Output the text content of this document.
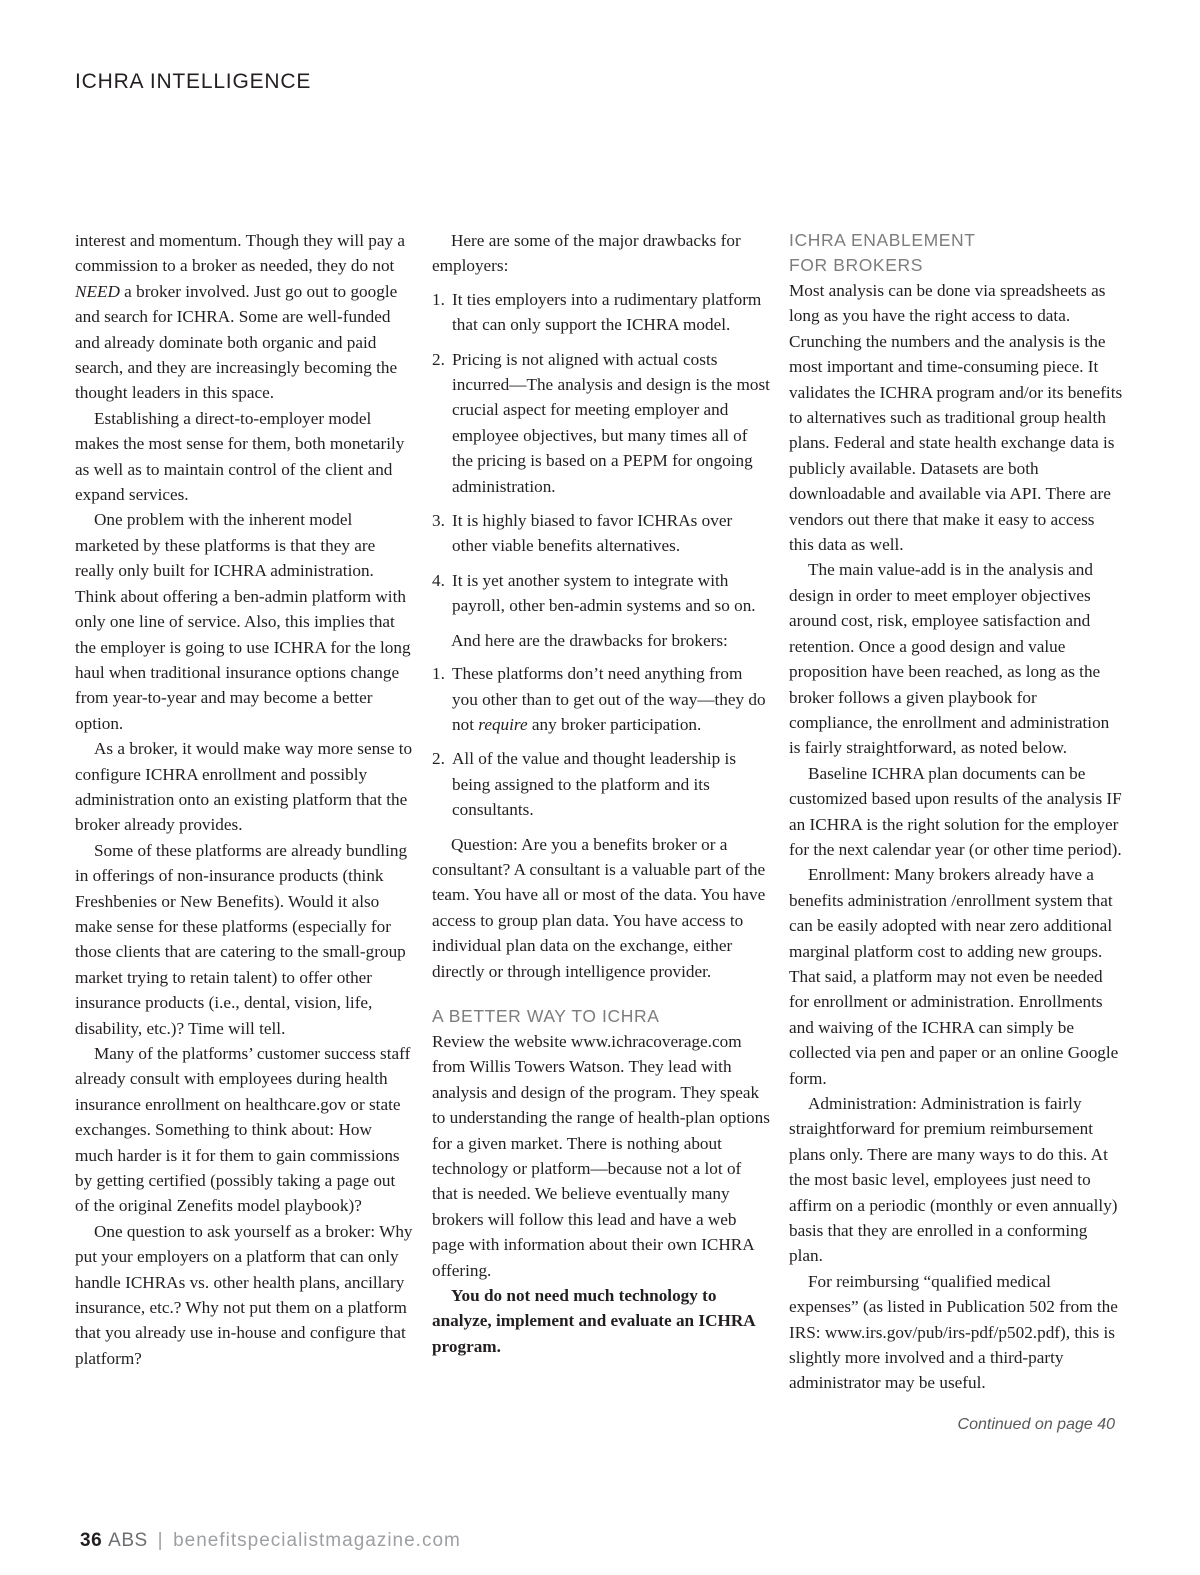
ICHRA INTELLIGENCE

interest and momentum. Though they will pay a commission to a broker as needed, they do not NEED a broker involved. Just go out to google and search for ICHRA. Some are well-funded and already dominate both organic and paid search, and they are increasingly becoming the thought leaders in this space.

Establishing a direct-to-employer model makes the most sense for them, both monetarily as well as to maintain control of the client and expand services.

One problem with the inherent model marketed by these platforms is that they are really only built for ICHRA administration. Think about offering a ben-admin platform with only one line of service. Also, this implies that the employer is going to use ICHRA for the long haul when traditional insurance options change from year-to-year and may become a better option.

As a broker, it would make way more sense to configure ICHRA enrollment and possibly administration onto an existing platform that the broker already provides.

Some of these platforms are already bundling in offerings of non-insurance products (think Freshbenies or New Benefits). Would it also make sense for these platforms (especially for those clients that are catering to the small-group market trying to retain talent) to offer other insurance products (i.e., dental, vision, life, disability, etc.)? Time will tell.

Many of the platforms’ customer success staff already consult with employees during health insurance enrollment on healthcare.gov or state exchanges. Something to think about: How much harder is it for them to gain commissions by getting certified (possibly taking a page out of the original Zenefits model playbook)?

One question to ask yourself as a broker: Why put your employers on a platform that can only handle ICHRAs vs. other health plans, ancillary insurance, etc.? Why not put them on a platform that you already use in-house and configure that platform?

Here are some of the major drawbacks for employers:

1. It ties employers into a rudimentary platform that can only support the ICHRA model.
2. Pricing is not aligned with actual costs incurred—The analysis and design is the most crucial aspect for meeting employer and employee objectives, but many times all of the pricing is based on a PEPM for ongoing administration.
3. It is highly biased to favor ICHRAs over other viable benefits alternatives.
4. It is yet another system to integrate with payroll, other ben-admin systems and so on.

And here are the drawbacks for brokers:

1. These platforms don’t need anything from you other than to get out of the way—they do not require any broker participation.
2. All of the value and thought leadership is being assigned to the platform and its consultants.

Question: Are you a benefits broker or a consultant? A consultant is a valuable part of the team. You have all or most of the data. You have access to group plan data. You have access to individual plan data on the exchange, either directly or through intelligence provider.

A BETTER WAY TO ICHRA

Review the website www.ichracoverage.com from Willis Towers Watson. They lead with analysis and design of the program. They speak to understanding the range of health-plan options for a given market. There is nothing about technology or platform—because not a lot of that is needed. We believe eventually many brokers will follow this lead and have a web page with information about their own ICHRA offering.

You do not need much technology to analyze, implement and evaluate an ICHRA program.

ICHRA ENABLEMENT FOR BROKERS

Most analysis can be done via spreadsheets as long as you have the right access to data. Crunching the numbers and the analysis is the most important and time-consuming piece. It validates the ICHRA program and/or its benefits to alternatives such as traditional group health plans. Federal and state health exchange data is publicly available. Datasets are both downloadable and available via API. There are vendors out there that make it easy to access this data as well.

The main value-add is in the analysis and design in order to meet employer objectives around cost, risk, employee satisfaction and retention. Once a good design and value proposition have been reached, as long as the broker follows a given playbook for compliance, the enrollment and administration is fairly straightforward, as noted below.

Baseline ICHRA plan documents can be customized based upon results of the analysis IF an ICHRA is the right solution for the employer for the next calendar year (or other time period).

Enrollment: Many brokers already have a benefits administration /enrollment system that can be easily adopted with near zero additional marginal platform cost to adding new groups. That said, a platform may not even be needed for enrollment or administration. Enrollments and waiving of the ICHRA can simply be collected via pen and paper or an online Google form.

Administration: Administration is fairly straightforward for premium reimbursement plans only. There are many ways to do this. At the most basic level, employees just need to affirm on a periodic (monthly or even annually) basis that they are enrolled in a conforming plan.

For reimbursing “qualified medical expenses” (as listed in Publication 502 from the IRS: www.irs.gov/pub/irs-pdf/p502.pdf), this is slightly more involved and a third-party administrator may be useful.

Continued on page 40
36 ABS | benefitspecialistmagazine.com
